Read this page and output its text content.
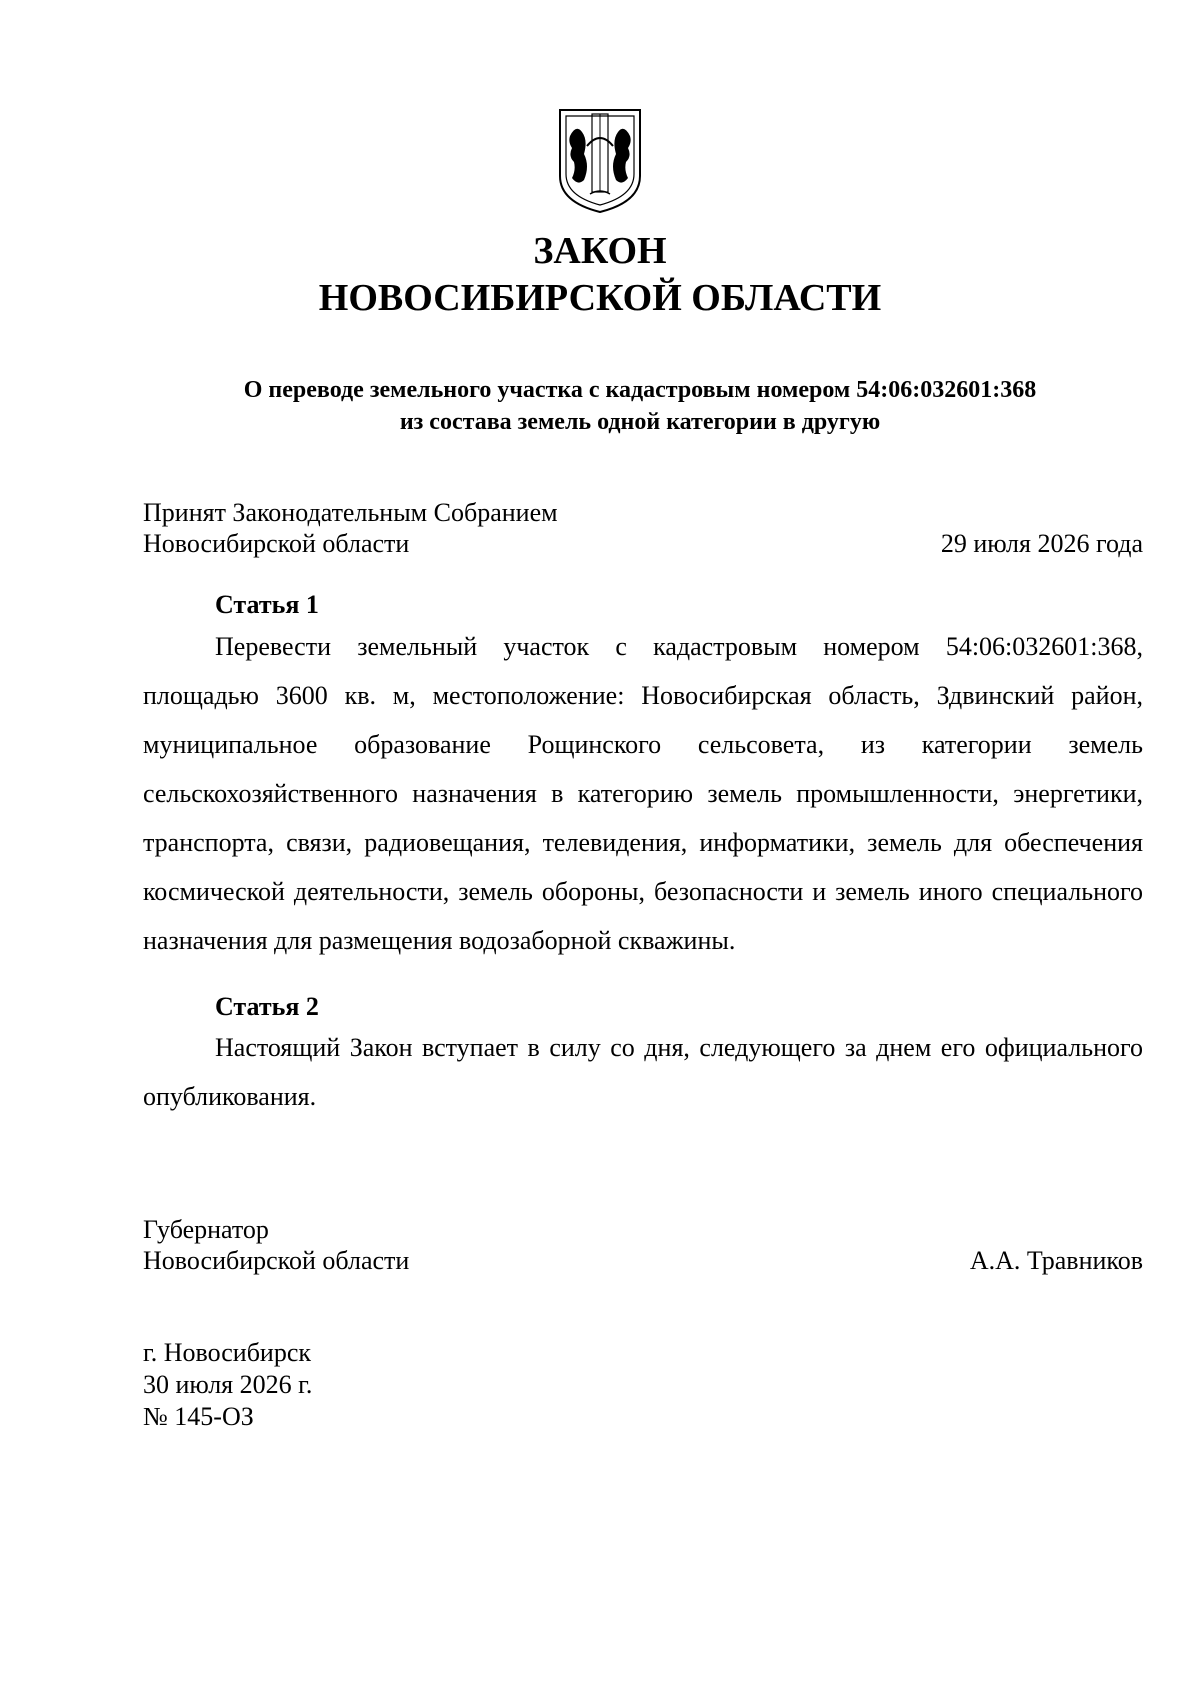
ЗАКОН
НОВОСИБИРСКОЙ ОБЛАСТИ
О переводе земельного участка с кадастровым номером 54:06:032601:368
из состава земель одной категории в другую
Принят Законодательным Собранием
Новосибирской области	29 июля 2026 года
Статья 1
Перевести земельный участок с кадастровым номером 54:06:032601:368, площадью 3600 кв. м, местоположение: Новосибирская область, Здвинский район, муниципальное образование Рощинского сельсовета, из категории земель сельскохозяйственного назначения в категорию земель промышленности, энергетики, транспорта, связи, радиовещания, телевидения, информатики, земель для обеспечения космической деятельности, земель обороны, безопасности и земель иного специального назначения для размещения водозаборной скважины.
Статья 2
Настоящий Закон вступает в силу со дня, следующего за днем его официального опубликования.
Губернатор
Новосибирской области	А.А. Травников
г. Новосибирск
30 июля 2026 г.
№ 145-ОЗ
